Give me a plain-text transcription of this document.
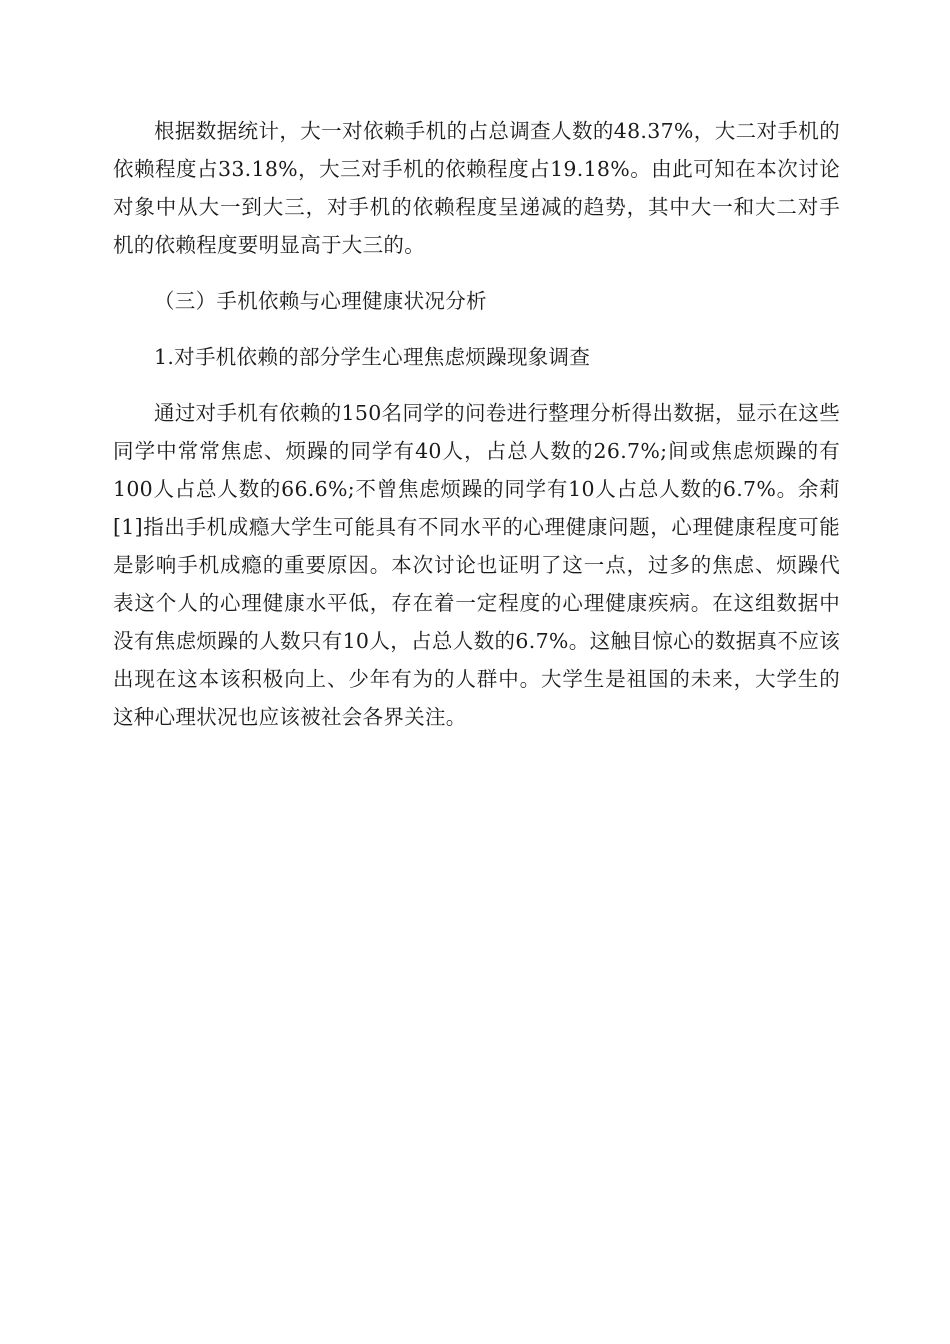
根据数据统计，大一对依赖手机的占总调查人数的48.37%，大二对手机的依赖程度占33.18%，大三对手机的依赖程度占19.18%。由此可知在本次讨论对象中从大一到大三，对手机的依赖程度呈递减的趋势，其中大一和大二对手机的依赖程度要明显高于大三的。

（三）手机依赖与心理健康状况分析

1.对手机依赖的部分学生心理焦虑烦躁现象调查

通过对手机有依赖的150名同学的问卷进行整理分析得出数据，显示在这些同学中常常焦虑、烦躁的同学有40人，占总人数的26.7%;间或焦虑烦躁的有100人占总人数的66.6%;不曾焦虑烦躁的同学有10人占总人数的6.7%。余莉[1]指出手机成瘾大学生可能具有不同水平的心理健康问题，心理健康程度可能是影响手机成瘾的重要原因。本次讨论也证明了这一点，过多的焦虑、烦躁代表这个人的心理健康水平低，存在着一定程度的心理健康疾病。在这组数据中没有焦虑烦躁的人数只有10人，占总人数的6.7%。这触目惊心的数据真不应该出现在这本该积极向上、少年有为的人群中。大学生是祖国的未来，大学生的这种心理状况也应该被社会各界关注。
